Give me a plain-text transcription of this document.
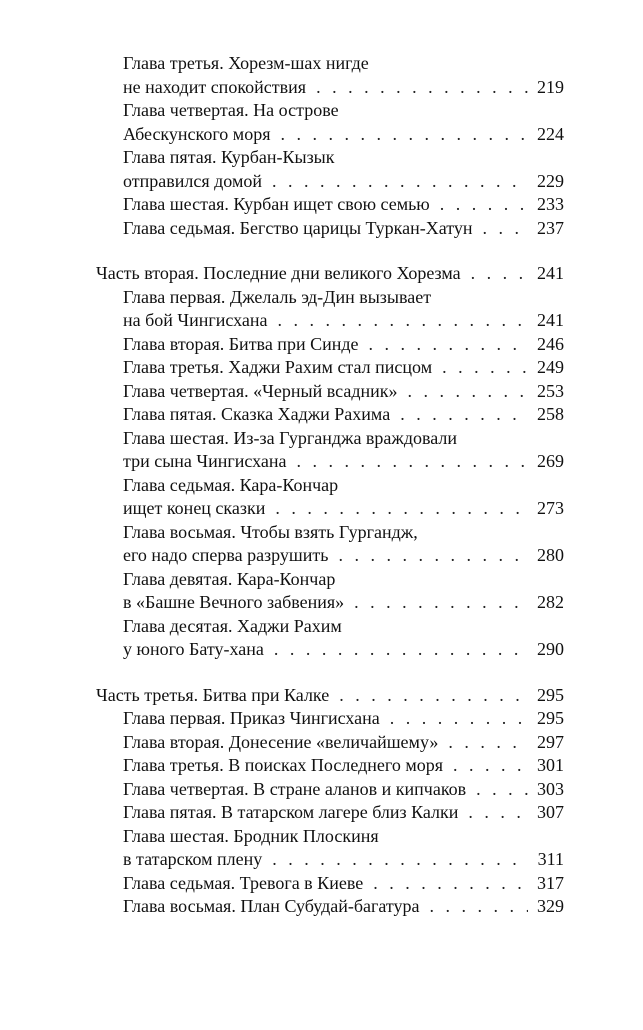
Глава третья. Хорезм-шах нигде
не находит спокойствия . . .	219
Глава четвертая. На острове
Абескунского моря . . .	224
Глава пятая. Курбан-Кызык
отправился домой . . .	229
Глава шестая. Курбан ищет свою семью . . .	233
Глава седьмая. Бегство царицы Туркан-Хатун . . .	237
Часть вторая. Последние дни великого Хорезма . . .	241
Глава первая. Джелаль эд-Дин вызывает
на бой Чингисхана . . .	241
Глава вторая. Битва при Синде . . .	246
Глава третья. Хаджи Рахим стал писцом . . .	249
Глава четвертая. «Черный всадник» . . .	253
Глава пятая. Сказка Хаджи Рахима . . .	258
Глава шестая. Из-за Гурганджа враждовали
три сына Чингисхана . . .	269
Глава седьмая. Кара-Кончар
ищет конец сказки . . .	273
Глава восьмая. Чтобы взять Гургандж,
его надо сперва разрушить . . .	280
Глава девятая. Кара-Кончар
в «Башне Вечного забвения» . . .	282
Глава десятая. Хаджи Рахим
у юного Бату-хана . . .	290
Часть третья. Битва при Калке . . .	295
Глава первая. Приказ Чингисхана . . .	295
Глава вторая. Донесение «величайшему» . . .	297
Глава третья. В поисках Последнего моря . . .	301
Глава четвертая. В стране аланов и кипчаков . . .	303
Глава пятая. В татарском лагере близ Калки . . .	307
Глава шестая. Бродник Плоскиня
в татарском плену . . .	311
Глава седьмая. Тревога в Киеве . . .	317
Глава восьмая. План Субудай-багатура . . .	329
